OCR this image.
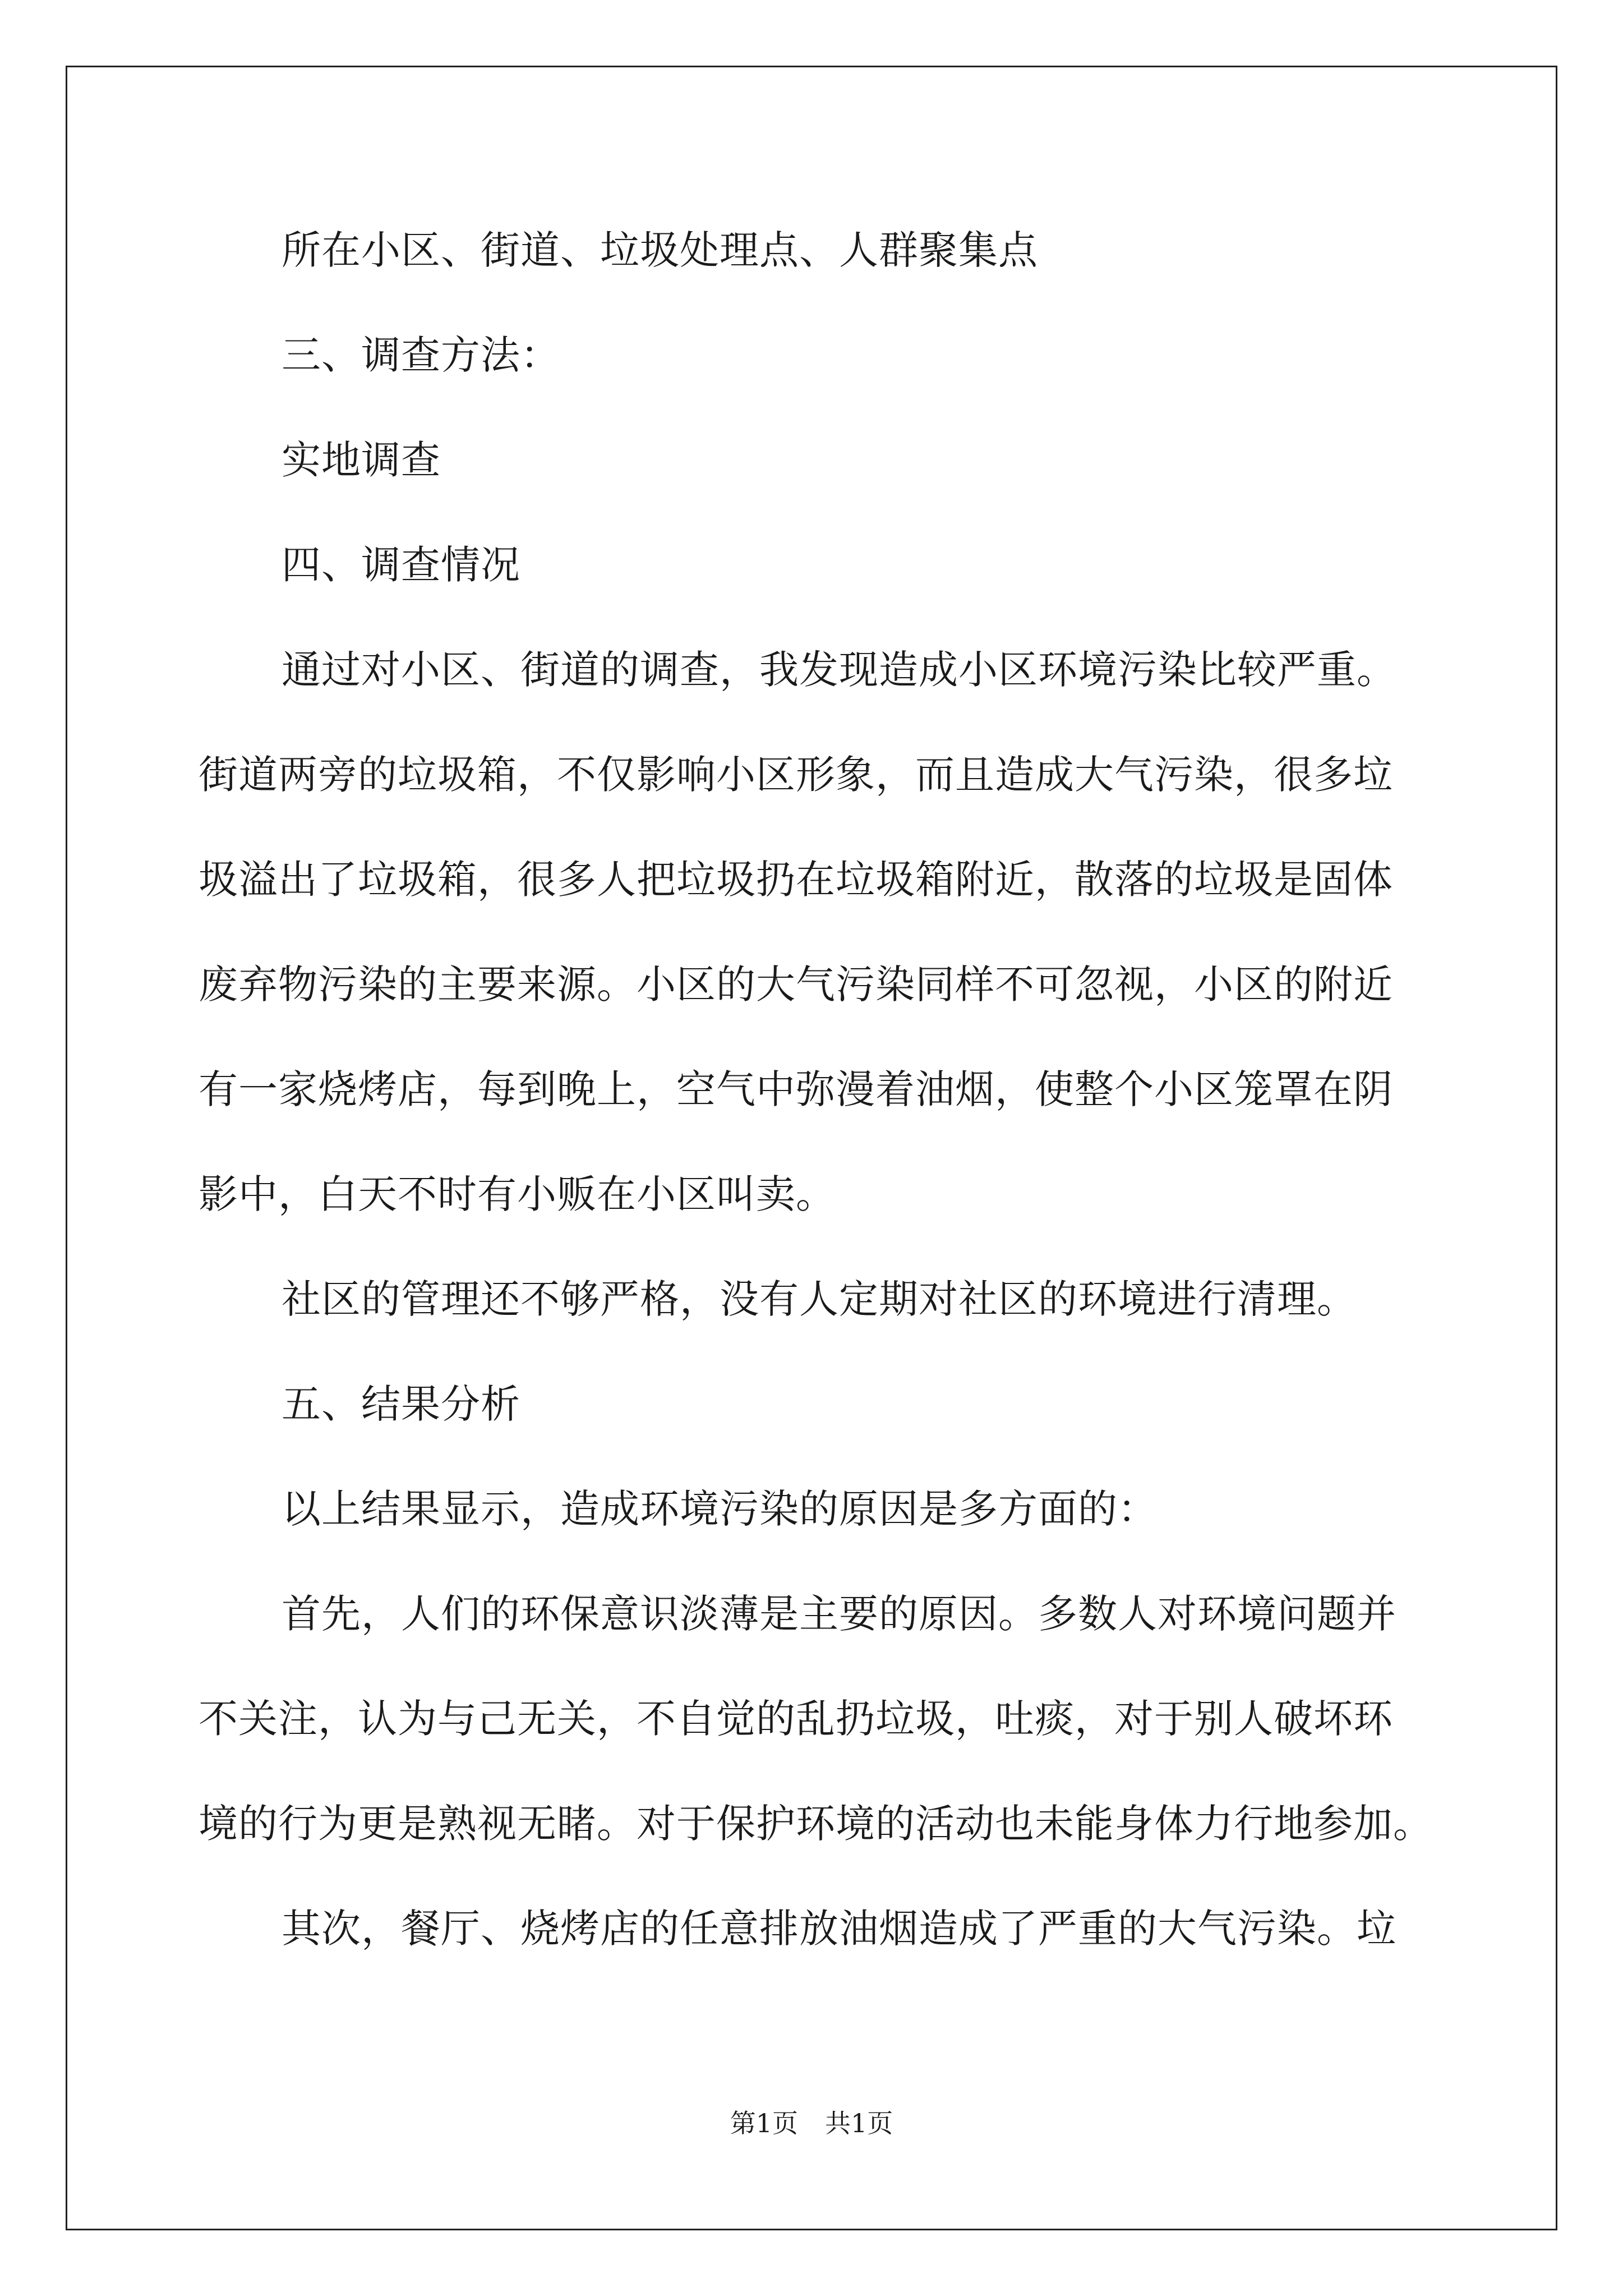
所在小区、街道、垃圾处理点、人群聚集点
三、调查方法：
实地调查
四、调查情况
通过对小区、街道的调查，我发现造成小区环境污染比较严重。
街道两旁的垃圾箱，不仅影响小区形象，而且造成大气污染，很多垃
圾溢出了垃圾箱，很多人把垃圾扔在垃圾箱附近，散落的垃圾是固体
废弃物污染的主要来源。小区的大气污染同样不可忽视，小区的附近
有一家烧烤店，每到晚上，空气中弥漫着油烟，使整个小区笼罩在阴
影中，白天不时有小贩在小区叫卖。
社区的管理还不够严格，没有人定期对社区的环境进行清理。
五、结果分析
以上结果显示，造成环境污染的原因是多方面的：
首先，人们的环保意识淡薄是主要的原因。多数人对环境问题并
不关注，认为与己无关，不自觉的乱扔垃圾，吐痰，对于别人破坏环
境的行为更是熟视无睹。对于保护环境的活动也未能身体力行地参加。
其次，餐厅、烧烤店的任意排放油烟造成了严重的大气污染。垃
第1页 共1页
